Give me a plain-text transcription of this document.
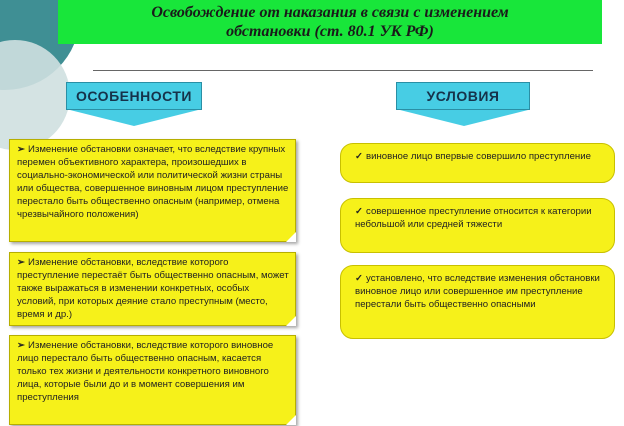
Освобождение от наказания в связи с изменением
обстановки (ст. 80.1 УК РФ)
ОСОБЕННОСТИ	УСЛОВИЯ
➢ Изменение обстановки означает, что вследствие крупных перемен объективного характера, произошедших в социально-экономической или политической жизни страны или общества, совершенное виновным лицом преступление перестало быть общественно опасным (например, отмена чрезвычайного положения)
➢ Изменение обстановки, вследствие которого преступление перестаёт быть общественно опасным, может также выражаться в изменении конкретных, особых условий, при которых деяние стало преступным (место, время и др.)
➢ Изменение обстановки, вследствие которого виновное лицо перестало быть общественно опасным, касается только тех жизни и деятельности конкретного виновного лица, которые были до и в момент совершения им преступления
✓ виновное лицо впервые совершило преступление
✓ совершенное преступление относится к категории небольшой или средней тяжести
✓ установлено, что вследствие изменения обстановки виновное лицо или совершенное им преступление перестали быть общественно опасными
